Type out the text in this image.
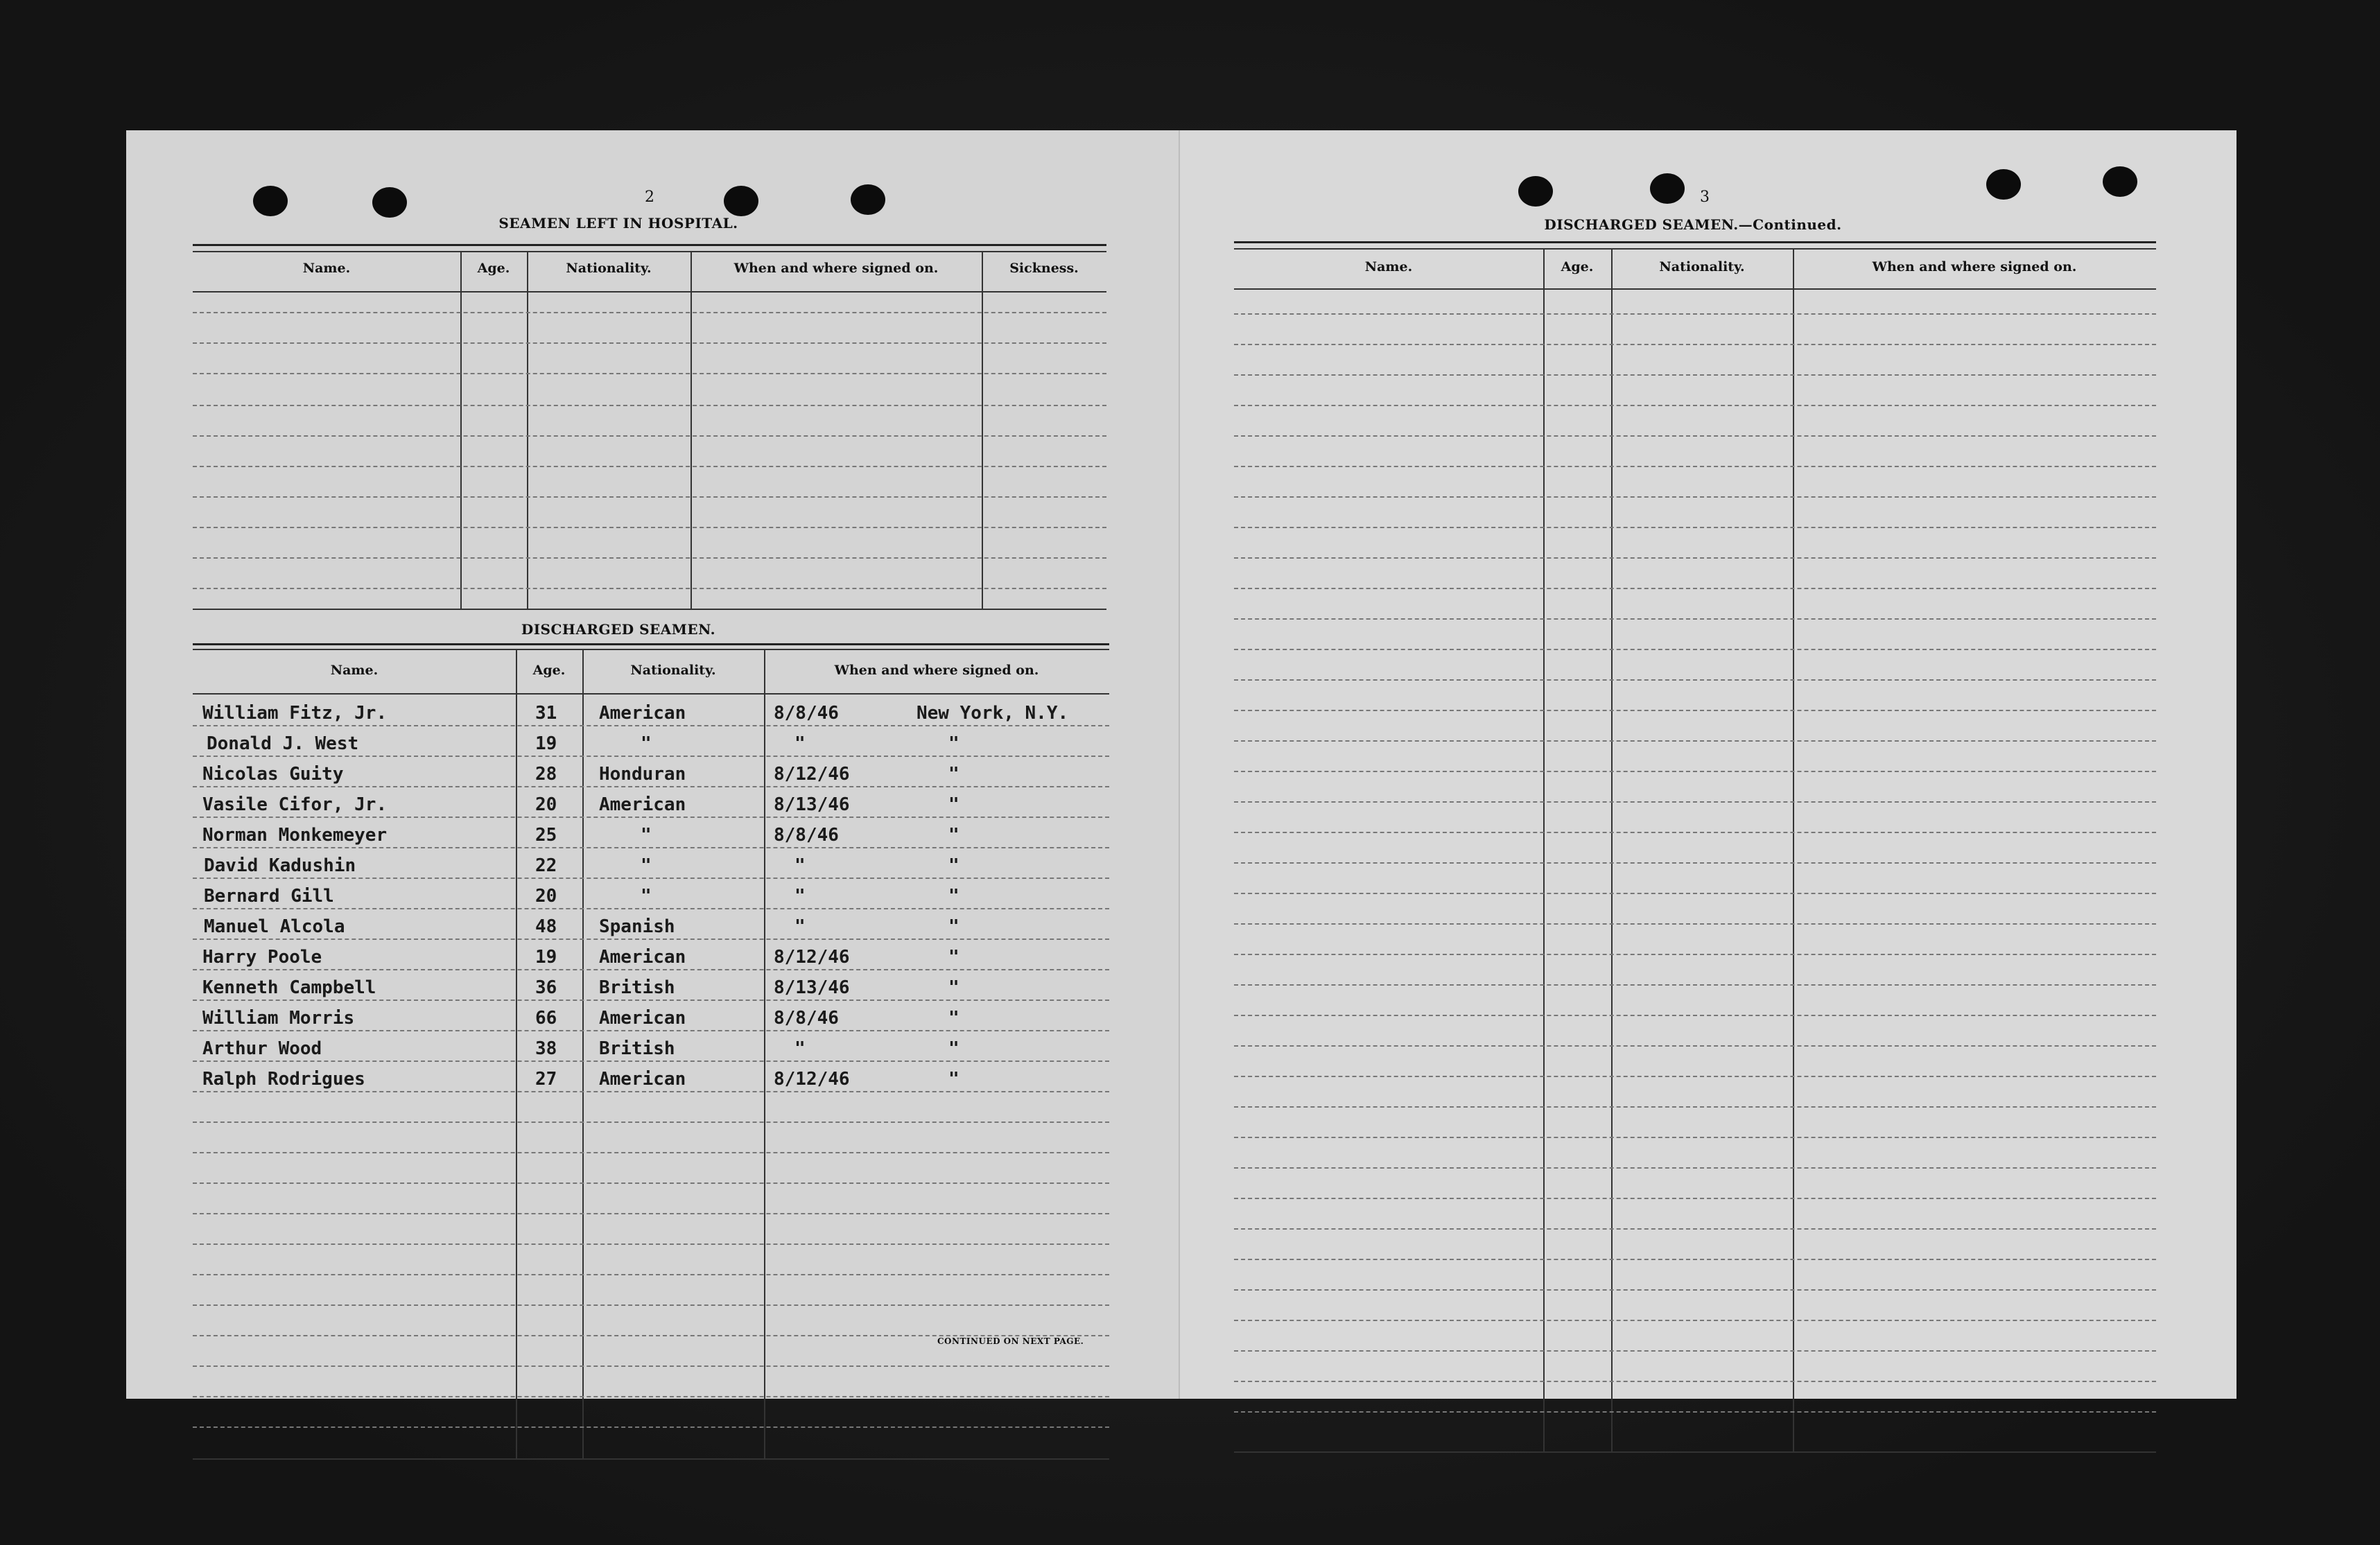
2
SEAMEN LEFT IN HOSPITAL.
Name.	Age.	Nationality.	When and where signed on.	Sickness.
DISCHARGED SEAMEN.
Name.	Age.	Nationality.	When and where signed on.
William Fitz, Jr.	31 American	8/8/46	New York, N.Y.
Donald J. West	19	"	"	"
Nicolas Guity	28 Honduran	8/12/46	"
Vasile Cifor, Jr.	20 American	8/13/46	"
Norman Monkemeyer	25	"	8/8/46	"
David Kadushin	22	"	"	"
Bernard Gill	20	"	"	"
Manuel Alcola	48 Spanish	"	"
Harry Poole	19 American	8/12/46	"
Kenneth Campbell	36 British	8/13/46	"
William Morris	66 American	8/8/46	"
Arthur Wood	38 British	"	"
Ralph Rodrigues	27 American	8/12/46	"
CONTINUED ON NEXT PAGE.
3
DISCHARGED SEAMEN.—Continued.
Name.	Age.	Nationality.	When and where signed on.
